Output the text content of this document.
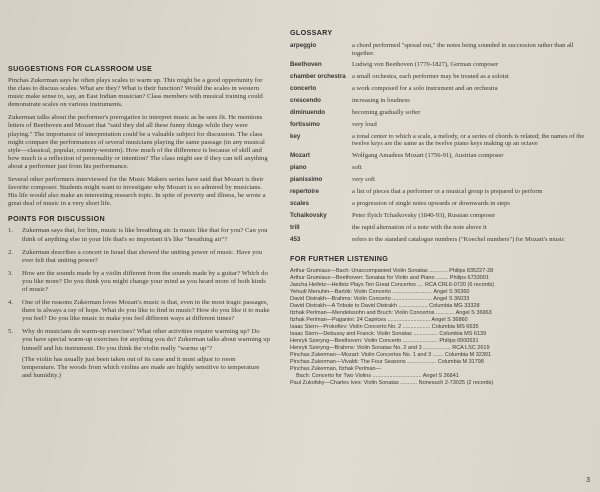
SUGGESTIONS FOR CLASSROOM USE

Pinchas Zukerman says he often plays scales to warm up. This might be a good opportunity for the class to discuss scales. What are they? What is their function? Would the scales in western music make sense to, say, an East Indian musician? Class members with musical training could demonstrate scales on various instruments.

Zukerman talks about the performer's prerogative to interpret music as he sees fit. He mentions letters of Beethoven and Mozart that "said they did all these funny things while they were playing." The importance of interpretation could be a valuable subject for discussion. The class might compare the performances of several musicians playing the same passage (in any musical style—classical, popular, country-western). How much of the difference is because of skill and how much is a reflection of personality or intention? The class might see if they can tell anything about a performer just from his performance.

Several other performers interviewed for the Music Makers series have said that Mozart is their favorite composer. Students might want to investigate why Mozart is so admired by musicians. His life would also make an interesting research topic. In spite of poverty and illness, he wrote a great deal of music in a very short life.

POINTS FOR DISCUSSION
1. Zukerman says that, for him, music is like breathing air. Is music like that for you? Can you think of anything else in your life that's so important it's like "breathing air"?
2. Zukerman describes a concert in Israel that showed the uniting power of music. Have you ever felt that uniting power?
3. How are the sounds made by a violin different from the sounds made by a guitar? Which do you like more? Do you think you might change your mind as you heard more of both kinds of music?
4. One of the reasons Zukerman loves Mozart's music is that, even in the most tragic passages, there is always a ray of hope. What do you like to find in music? How do you like it to make you feel? Do you like music to make you feel different ways at different times?
5. Why do musicians do warm-up exercises? What other activities require warming up? Do you have special warm-up exercises for anything you do? Zukerman talks about warming up himself and his instrument. Do you think the violin really "warms up"?
(The violin has usually just been taken out of its case and it must adjust to room temperature. The woods from which violins are made are highly sensitive to temperature and humidity.)
GLOSSARY
arpeggio	a chord performed "spread out," the notes being sounded in succession rather than all together.
Beethoven	Ludwig von Beethoven (1770-1827), German composer
chamber orchestra	a small orchestra, each performer may be treated as a soloist
concerto	a work composed for a solo instrument and an orchestra
crescendo	increasing in loudness
diminuendo	becoming gradually softer
fortissimo	very loud
key	a tonal center to which a scale, a melody, or a series of chords is related; the names of the twelve keys are the same as the twelve piano keys making up an octave
Mozart	Wolfgang Amadeus Mozart (1756-91), Austrian composer
piano	soft
pianissimo	very soft
repertoire	a list of pieces that a performer or a musical group is prepared to perform
scales	a progression of single notes upwards or downwards in steps
Tchaikovsky	Peter Ilyich Tchaikovsky (1840-93), Russian composer
trill	the rapid alternation of a note with the note above it
453	refers to the standard catalogue numbers ("Koechel numbers") for Mozart's music
FOR FURTHER LISTENING
Arthur Grumiaux—Bach: Unaccompanied Violin Sonatas ............ Philips 835227-28
Arthur Grumiaux—Beethoven: Sonatas for Violin and Piano ........ Philips 6733001
Jascha Heifetz—Heifetz Plays Ten Great Concertos .... RCA CRL6-0720 (6 records)
Yehudi Menuhin—Bartók: Violin Concerto .......................... Angel S 36360
David Oistrakh—Brahms: Violin Concerto .......................... Angel S 36033
David Oistrakh—A Tribute to David Oistrakh ................... Columbia MG 33328
Itzhak Perlman—Mendelssohn and Bruch: Violin Concertos ............ Angel S 36963
Itzhak Perlman—Paganini: 24 Caprices ............................ Angel S 36860
Isaac Stern—Prokofiev: Violin Concerto No. 2 .................. Columbia MS 6635
Isaac Stern—Debussy and Franck: Violin Sonatas ................ Columbia MS 6139
Henryk Szeryng—Beethoven: Violin Concerto ....................... Philips 6500531
Henryk Szeryng—Brahms: Violin Sonatas No. 2 and 3 .................. RCA LSC 2619
Pinchas Zukerman—Mozart: Violin Concertos No. 1 and 3 ....... Columbia M 32301
Pinchas Zukerman—Vivaldi: The Four Seasons ................... Columbia M 31798
Pinchas Zukerman, Itzhak Perlman—
Bach: Concerto for Two Violins ................................ Angel S 36841
Paul Zukofsky—Charles Ives: Violin Sonatas ........... Nonesuch 2-73025 (2 records)
3
